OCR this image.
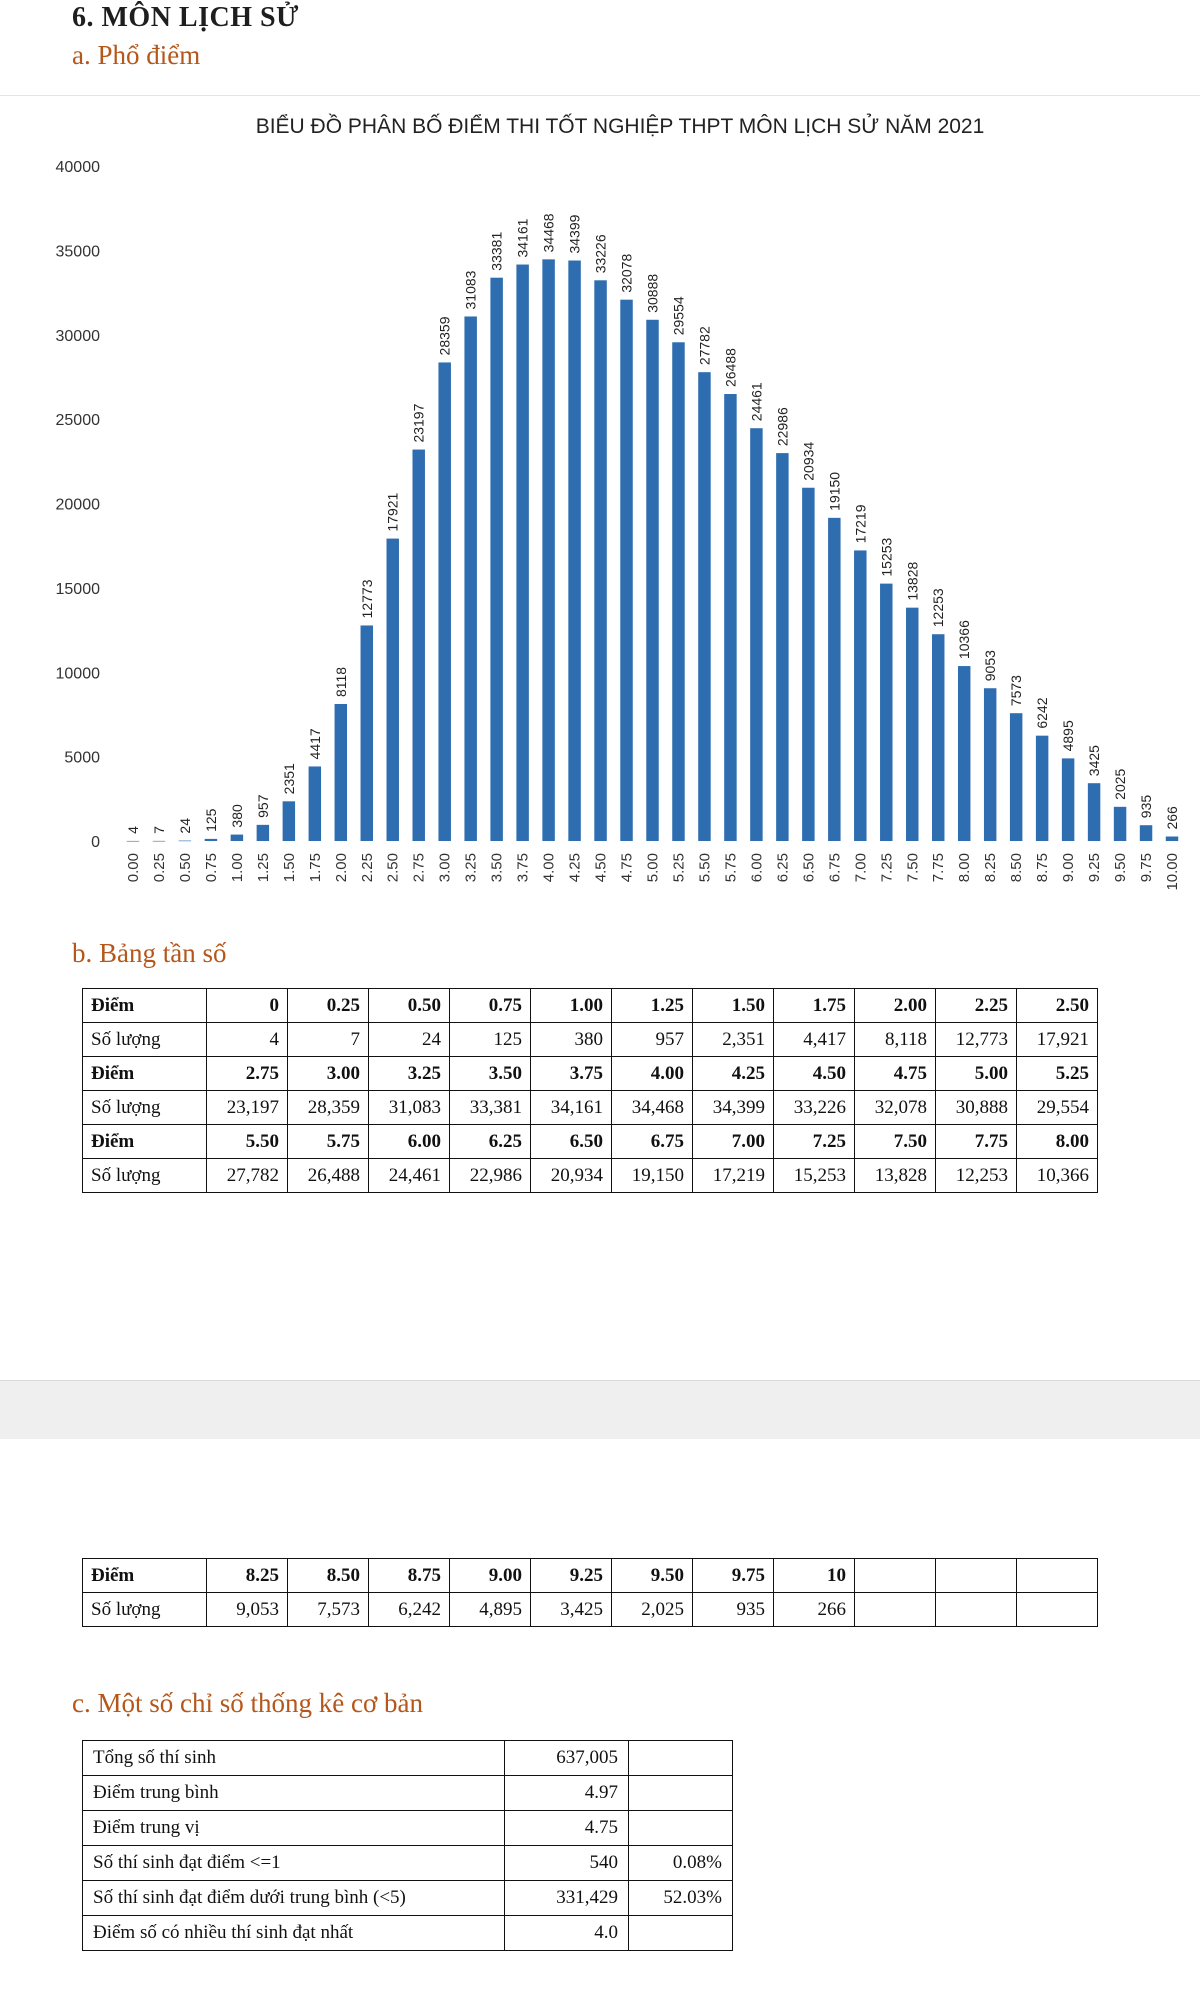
6. MÔN LỊCH SỬ
a. Phổ điểm
BIỂU ĐỒ PHÂN BỐ ĐIỂM THI TỐT NGHIỆP THPT MÔN LỊCH SỬ NĂM 2021
0
5000
10000
15000
20000
25000
30000
35000
40000
4 7 24 125 380 957
2351
4417
8118
12773
17921
23197
28359
31083
33381 34161 34468 34399
33226 32078
30888
29554
27782
26488
24461
22986
20934
19150
17219
15253
13828
12253
10366
9053
7573
6242
4895
3425
2025
935 266
0.00 0.25 0.50 0.75 1.00 1.25 1.50 1.75 2.00 2.25 2.50 2.75 3.00 3.25 3.50 3.75 4.00 4.25 4.50 4.75 5.00 5.25 5.50 5.75 6.00 6.25 6.50 6.75 7.00 7.25 7.50 7.75 8.00 8.25 8.50 8.75 9.00 9.25 9.50 9.75 10.00
b. Bảng tần số
Điểm	0	0.25	0.50	0.75	1.00	1.25	1.50	1.75	2.00	2.25	2.50
Số lượng	4	7	24	125	380	957	2,351	4,417	8,118	12,773	17,921
Điểm	2.75	3.00	3.25	3.50	3.75	4.00	4.25	4.50	4.75	5.00	5.25
Số lượng	23,197	28,359	31,083	33,381	34,161	34,468	34,399	33,226	32,078	30,888	29,554
Điểm	5.50	5.75	6.00	6.25	6.50	6.75	7.00	7.25	7.50	7.75	8.00
Số lượng	27,782	26,488	24,461	22,986	20,934	19,150	17,219	15,253	13,828	12,253	10,366
Điểm	8.25	8.50	8.75	9.00	9.25	9.50	9.75	10			
Số lượng	9,053	7,573	6,242	4,895	3,425	2,025	935	266			
c. Một số chỉ số thống kê cơ bản
Tổng số thí sinh	637,005	
Điểm trung bình	4.97	
Điểm trung vị	4.75	
Số thí sinh đạt điểm <=1	540	0.08%
Số thí sinh đạt điểm dưới trung bình (<5)	331,429	52.03%
Điểm số có nhiều thí sinh đạt nhất	4.0	
